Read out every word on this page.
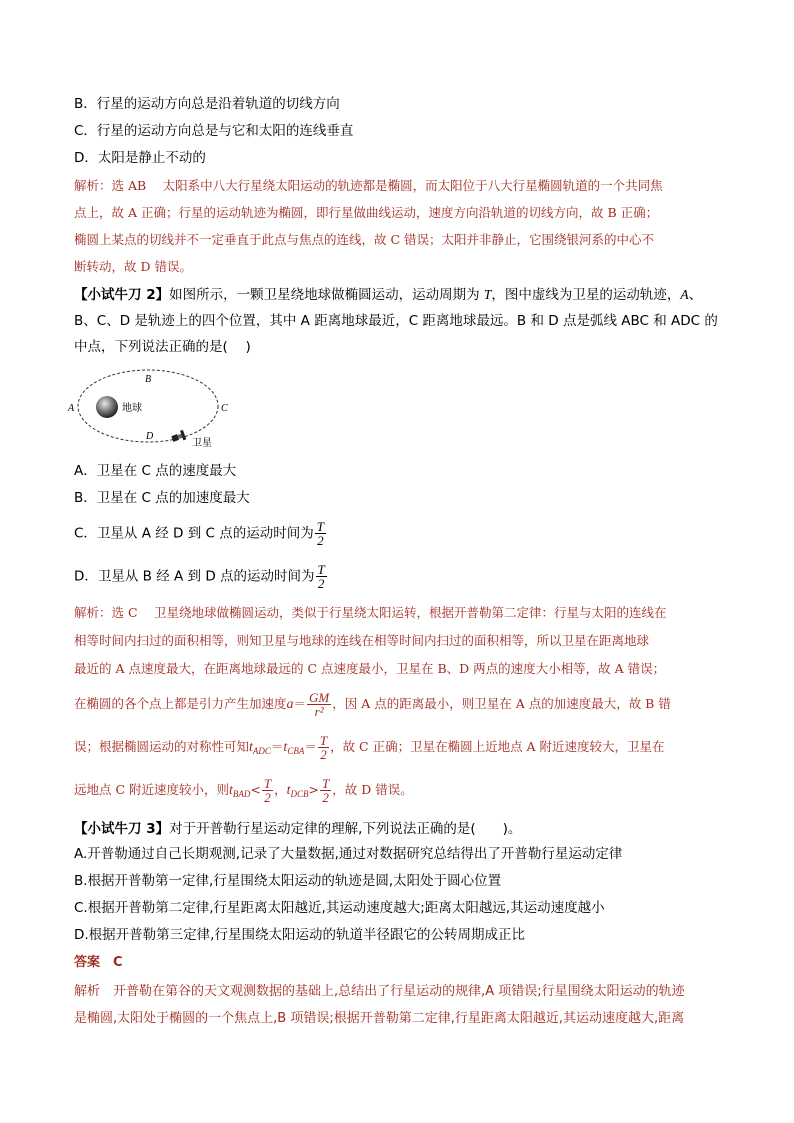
B．行星的运动方向总是沿着轨道的切线方向
C．行星的运动方向总是与它和太阳的连线垂直
D．太阳是静止不动的
解析：选 AB　 太阳系中八大行星绕太阳运动的轨迹都是椭圆，而太阳位于八大行星椭圆轨道的一个共同焦
点上，故 A 正确；行星的运动轨迹为椭圆，即行星做曲线运动，速度方向沿轨道的切线方向，故 B 正确；
椭圆上某点的切线并不一定垂直于此点与焦点的连线，故 C 错误；太阳并非静止，它围绕银河系的中心不
断转动，故 D 错误。
【小试牛刀 2】如图所示，一颗卫星绕地球做椭圆运动，运动周期为 T，图中虚线为卫星的运动轨迹，A、
B、C、D 是轨迹上的四个位置，其中 A 距离地球最近，C 距离地球最远。B 和 D 点是弧线 ABC 和 ADC 的
中点，下列说法正确的是(　 )
地球
A
B
C
D
卫星
A．卫星在 C 点的速度最大
B．卫星在 C 点的加速度最大
C．卫星从 A 经 D 到 C 点的运动时间为 $\frac{T}{2}$
D．卫星从 B 经 A 到 D 点的运动时间为 $\frac{T}{2}$
解析：选 C　 卫星绕地球做椭圆运动，类似于行星绕太阳运转，根据开普勒第二定律：行星与太阳的连线在
相等时间内扫过的面积相等，则知卫星与地球的连线在相等时间内扫过的面积相等，所以卫星在距离地球
最近的 A 点速度最大，在距离地球最远的 C 点速度最小，卫星在 B、D 两点的速度大小相等，故 A 错误；
在椭圆的各个点上都是引力产生加速度$a= \frac{GM}{\text{r²}}$ ，因 A 点的距离最小，则卫星在 A 点的加速度最大，故 B 错
误；根据椭圆运动的对称性可知$t_{ADC}=t_{CBA}= \frac{T}{2}$ ，故 C 正确；卫星在椭圆上近地点 A 附近速度较大，卫星在
远地点 C 附近速度较小，则$t_{BAD}< \frac{T}{2}$ ，$t_{DCB}> \frac{T}{2}$ ，故 D 错误。
【小试牛刀 3】对于开普勒行星运动定律的理解,下列说法正确的是(　　)。
A.开普勒通过自己长期观测,记录了大量数据,通过对数据研究总结得出了开普勒行星运动定律
B.根据开普勒第一定律,行星围绕太阳运动的轨迹是圆,太阳处于圆心位置
C.根据开普勒第二定律,行星距离太阳越近,其运动速度越大;距离太阳越远,其运动速度越小
D.根据开普勒第三定律,行星围绕太阳运动的轨道半径跟它的公转周期成正比
答案　C
解析　开普勒在第谷的天文观测数据的基础上,总结出了行星运动的规律,A 项错误;行星围绕太阳运动的轨迹
是椭圆,太阳处于椭圆的一个焦点上,B 项错误;根据开普勒第二定律,行星距离太阳越近,其运动速度越大,距离
